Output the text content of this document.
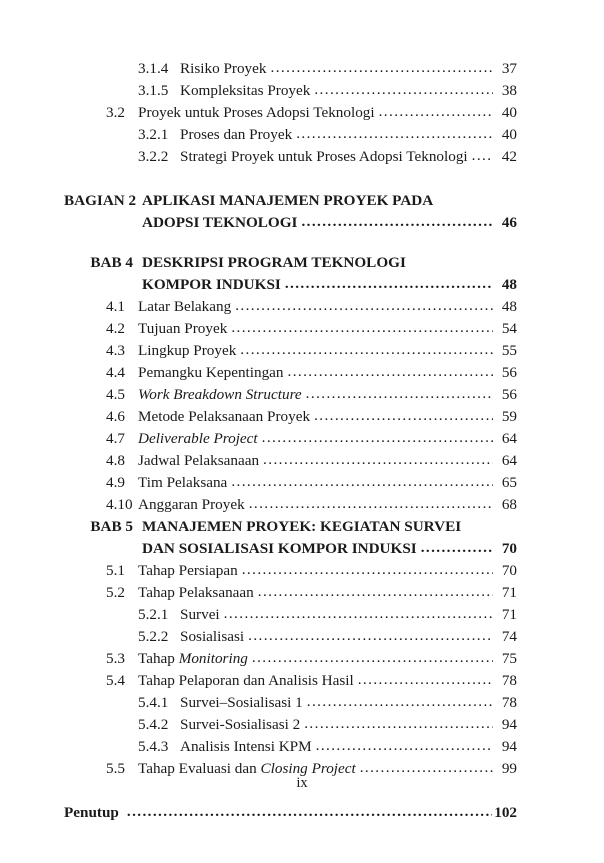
3.1.4 Risiko Proyek .....	37
3.1.5 Kompleksitas Proyek .....	38
3.2 Proyek untuk Proses Adopsi Teknologi .....	40
3.2.1 Proses dan Proyek .....	40
3.2.2 Strategi Proyek untuk Proses Adopsi Teknologi .....	42
BAGIAN 2 APLIKASI MANAJEMEN PROYEK PADA
ADOPSI TEKNOLOGI .....	46
BAB 4 DESKRIPSI PROGRAM TEKNOLOGI
KOMPOR INDUKSI .....	48
4.1 Latar Belakang .....	48
4.2 Tujuan Proyek .....	54
4.3 Lingkup Proyek .....	55
4.4 Pemangku Kepentingan .....	56
4.5 Work Breakdown Structure .....	56
4.6 Metode Pelaksanaan Proyek .....	59
4.7 Deliverable Project .....	64
4.8 Jadwal Pelaksanaan .....	64
4.9 Tim Pelaksana .....	65
4.10 Anggaran Proyek .....	68
BAB 5 MANAJEMEN PROYEK: KEGIATAN SURVEI
DAN SOSIALISASI KOMPOR INDUKSI .....	70
5.1 Tahap Persiapan .....	70
5.2 Tahap Pelaksanaan .....	71
5.2.1 Survei .....	71
5.2.2 Sosialisasi .....	74
5.3 Tahap Monitoring .....	75
5.4 Tahap Pelaporan dan Analisis Hasil .....	78
5.4.1 Survei–Sosialisasi 1 .....	78
5.4.2 Survei-Sosialisasi 2 .....	94
5.4.3 Analisis Intensi KPM .....	94
5.5 Tahap Evaluasi dan Closing Project .....	99
Penutup .....	102
ix
